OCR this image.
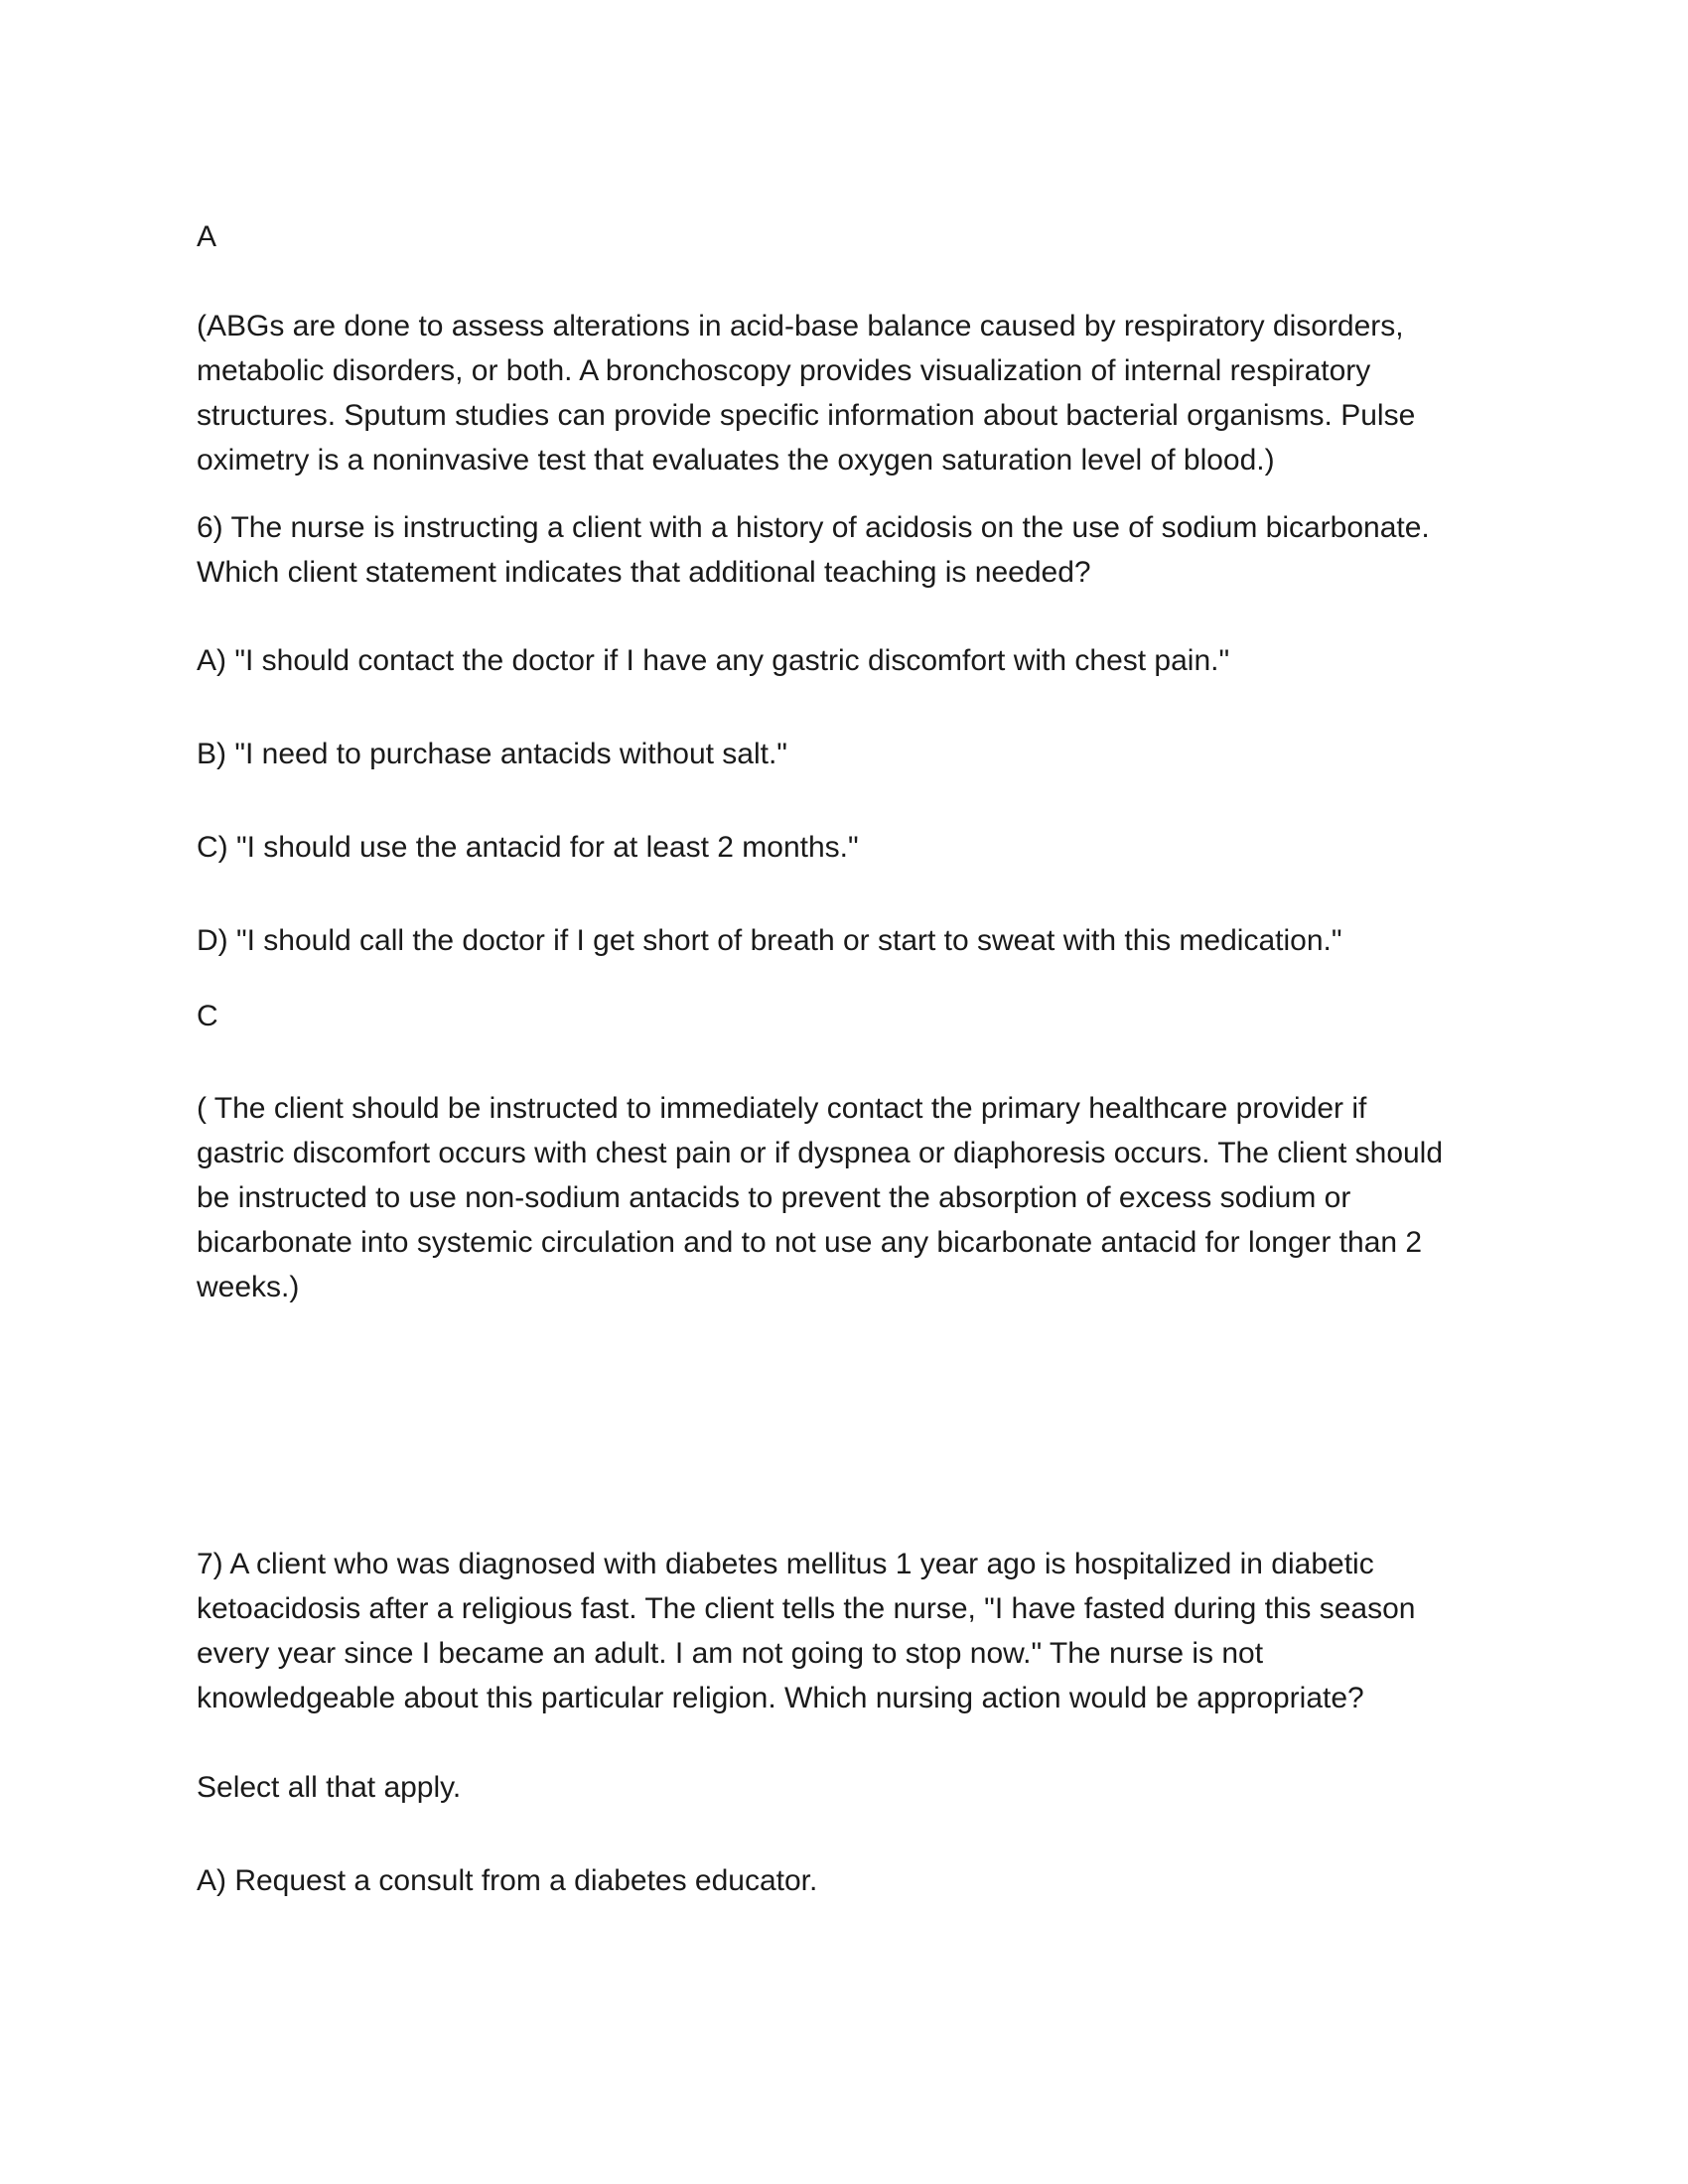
A
(ABGs are done to assess alterations in acid-base balance caused by respiratory disorders,
metabolic disorders, or both. A bronchoscopy provides visualization of internal respiratory
structures. Sputum studies can provide specific information about bacterial organisms. Pulse
oximetry is a noninvasive test that evaluates the oxygen saturation level of blood.)
6) The nurse is instructing a client with a history of acidosis on the use of sodium bicarbonate.
Which client statement indicates that additional teaching is needed?
A) "I should contact the doctor if I have any gastric discomfort with chest pain."
B) "I need to purchase antacids without salt."
C) "I should use the antacid for at least 2 months."
D) "I should call the doctor if I get short of breath or start to sweat with this medication."
C
( The client should be instructed to immediately contact the primary healthcare provider if
gastric discomfort occurs with chest pain or if dyspnea or diaphoresis occurs. The client should
be instructed to use non-sodium antacids to prevent the absorption of excess sodium or
bicarbonate into systemic circulation and to not use any bicarbonate antacid for longer than 2
weeks.)
7) A client who was diagnosed with diabetes mellitus 1 year ago is hospitalized in diabetic
ketoacidosis after a religious fast. The client tells the nurse, "I have fasted during this season
every year since I became an adult. I am not going to stop now." The nurse is not
knowledgeable about this particular religion. Which nursing action would be appropriate?
Select all that apply.
A) Request a consult from a diabetes educator.
